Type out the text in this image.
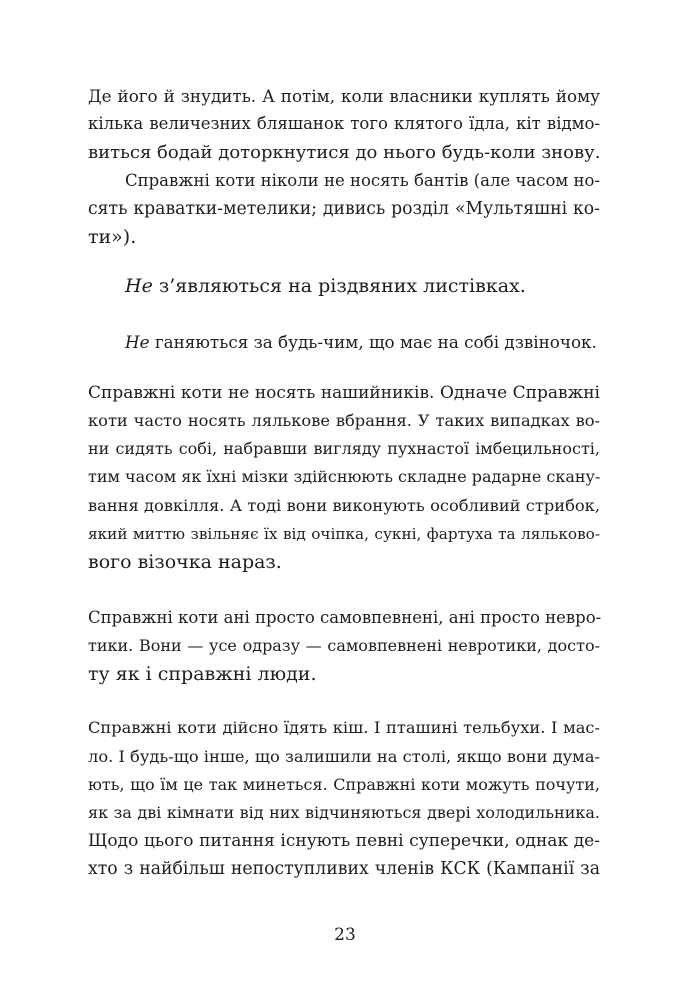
Де його й знудить. А потім, коли власники куплять йому
кілька величезних бляшанок того клятого їдла, кіт відмо-
виться бодай доторкнутися до нього будь-коли знову.
Справжні коти ніколи не носять бантів (але часом но-
сять краватки-метелики; дивись розділ «Мультяшні ко-
ти»).
Не з’являються на різдвяних листівках.
Не ганяються за будь-чим, що має на собі дзвіночок.
Справжні коти не носять нашийників. Одначе Справжні
коти часто носять лялькове вбрання. У таких випадках во-
ни сидять собі, набравши вигляду пухнастої імбецильності,
тим часом як їхні мізки здійснюють складне радарне скану-
вання довкілля. А тоді вони виконують особливий стрибок,
який миттю звільняє їх від очіпка, сукні, фартуха та ляльково-
вого візочка нараз.
Справжні коти ані просто самовпевнені, ані просто невро-
тики. Вони — усе одразу — самовпевнені невротики, досто-
ту як і справжні люди.
Справжні коти дійсно їдять кіш. І пташині тельбухи. І мас-
ло. І будь-що інше, що залишили на столі, якщо вони дума-
ють, що їм це так минеться. Справжні коти можуть почути,
як за дві кімнати від них відчиняються двері холодильника.
Щодо цього питання існують певні суперечки, однак де-
хто з найбільш непоступливих членів КСК (Кампанії за
23
